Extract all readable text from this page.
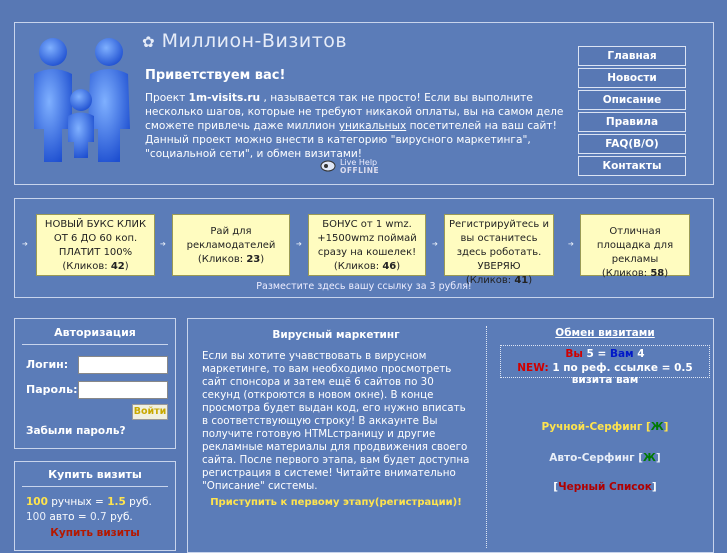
✿ Миллион-Визитов
Приветствуем вас!
Проект 1m-visits.ru , называется так не просто! Если вы выполните несколько шагов, которые не требуют никакой оплаты, вы на самом деле сможете привлечь даже миллион уникальных посетителей на ваш сайт! Данный проект можно внести в категорию "вирусного маркетинга", "социальной сети", и обмен визитами!
Live Help
OFFLINE
Главная
Новости
Описание
Правила
FAQ(В/О)
Контакты
➔
НОВЫЙ БУКС КЛИК ОТ 6 ДО 60 коп. ПЛАТИТ 100%
(Кликов: 42)
➔
Рай для рекламодателей
(Кликов: 23)
➔
БОНУС от 1 wmz. +1500wmz поймай сразу на кошелек!
(Кликов: 46)
➔
Регистрируйтесь и вы останитесь здесь роботать. УВЕРЯЮ
(Кликов: 41)
➔
Отличная площадка для рекламы
(Кликов: 58)
Разместите здесь вашу ссылку за 3 рубля!
Авторизация
Логин:
Пароль:
Войти
Забыли пароль?
Купить визиты
100 ручных = 1.5 руб.
100 авто = 0.7 руб.
Купить визиты
Вирусный маркетинг
Если вы хотите учавствовать в вирусном маркетинге, то вам необходимо просмотреть сайт спонсора и затем ещё 6 сайтов по 30 секунд (откроются в новом окне). В конце просмотра будет выдан код, его нужно вписать в соответствующую строку! В аккаунте Вы получите готовую HTMLстраницу и другие рекламные материалы для продвижения своего сайта. После первого этапа, вам будет доступна регистрация в системе! Читайте внимательно "Описание" системы.
Приступить к первому этапу(регистрации)!
Обмен визитами
Вы 5 = Вам 4
NEW: 1 по реф. ссылке = 0.5 визита вам
Ручной-Серфинг [Ж]
Авто-Серфинг [Ж]
[Черный Список]
